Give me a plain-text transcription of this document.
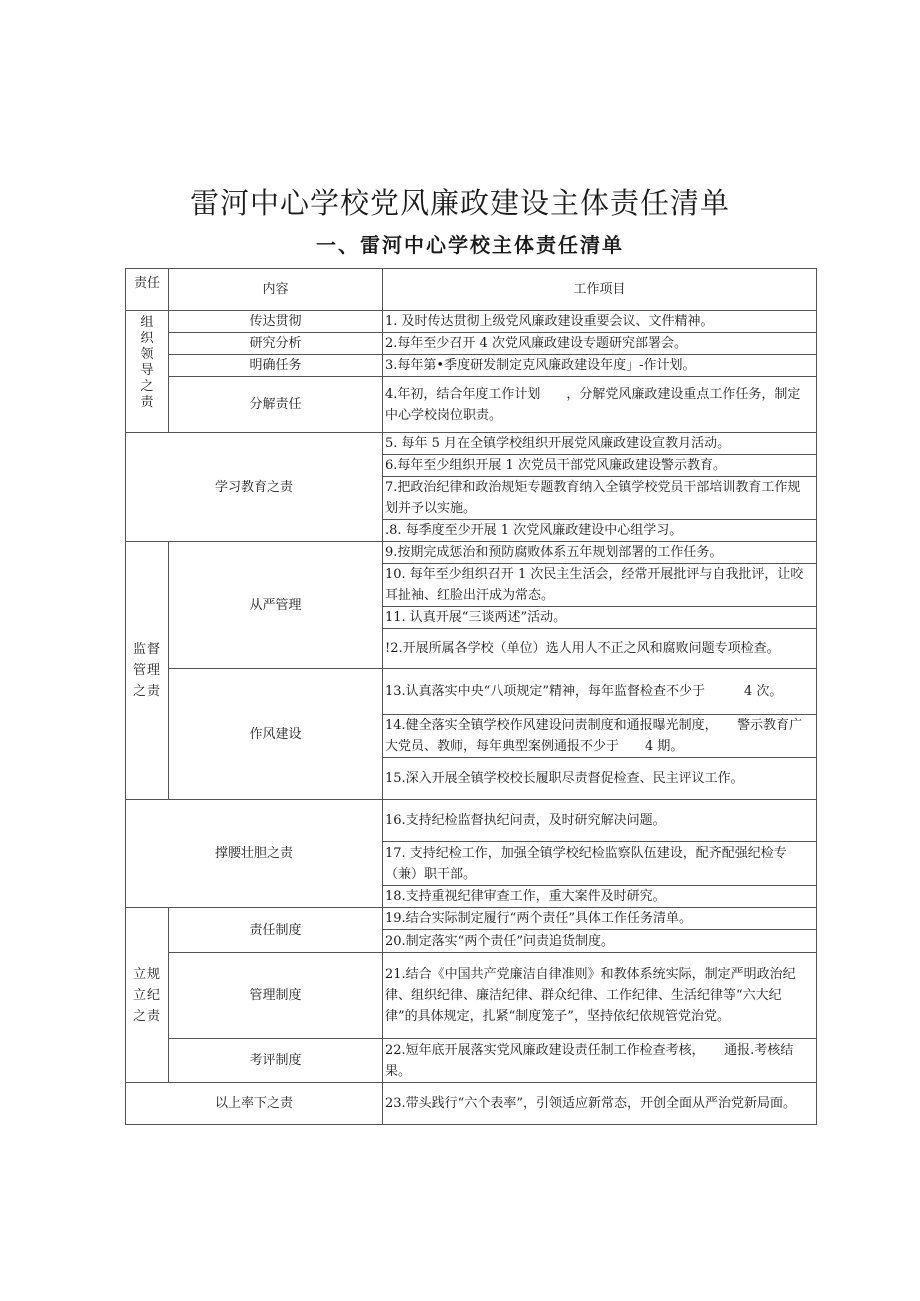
雷河中心学校党风廉政建设主体责任清单
一、雷河中心学校主体责任清单
责任	内容	工作项目

组织领导之责	传达贯彻	1. 及时传达贯彻上级党风廉政建设重要会议、文件精神。
	研究分析	2.每年至少召开 4 次党风廉政建设专题研究部署会。
	明确任务	3.每年第•季度研发制定克风廉政建设年度」-作计划。
	分解责任	4.年初，结合年度工作计划　　，分解党风廉政建设重点工作任务，制定中心学校岗位职责。
学习教育之责		5. 每年 5 月在全镇学校组织开展党风廉政建设宣教月活动。
		6.每年至少组织开展 1 次党员干部党风廉政建设警示教育。
		7.把政治纪律和政治规矩专题教育纳入全镇学校党员干部培训教育工作规划并予以实施。
		.8. 每季度至少开展 1 次党风廉政建设中心组学习。

监督管理之责	从严管理	9.按期完成惩治和预防腐败体系五年规划部署的工作任务。
		10. 每年至少组织召开 1 次民主生活会，经常开展批评与自我批评，让咬耳扯袖、红脸出汗成为常态。
		11. 认真开展“三谈两述”活动。
		!2.开展所属各学校（单位）选人用人不正之风和腐败问题专项检查。
	作风建设	13.认真落实中央“八项规定”精神，每年监督检查不少于　　　4 次。
		14.健全落实全镇学校作风建设问责制度和通报曝光制度，　　警示教育广大党员、教师，每年典型案例通报不少于　　4 期。
		15.深入开展全镇学校校长履职尽责督促检查、民主评议工作。
撑腰壮胆之责		16.支持纪检监督执纪问责，及时研究解决问题。
		17. 支持纪检工作，加强全镇学校纪检监察队伍建设，配齐配强纪检专（兼）职干部。
		18.支持重视纪律审查工作，重大案件及时研究。

立规立纪之责	责任制度	19.结合实际制定履行“两个责任”具体工作任务清单。
		20.制定落实“两个责任”问责追货制度。
	管理制度	21.结合《中国共产党廉洁自律准则》和教体系统实际，制定严明政治纪律、组织纪律、廉洁纪律、群众纪律、工作纪律、生活纪律等“六大纪律”的具体规定，扎紧“制度笼子”，坚持依纪依规管党治党。
	考评制度	22.短年底开展落实党风廉政建设责任制工作检查考核，　　通报.考核结果。
以上率下之责		23.带头践行“六个表率”，引领适应新常态，开创全面从严治党新局面。
